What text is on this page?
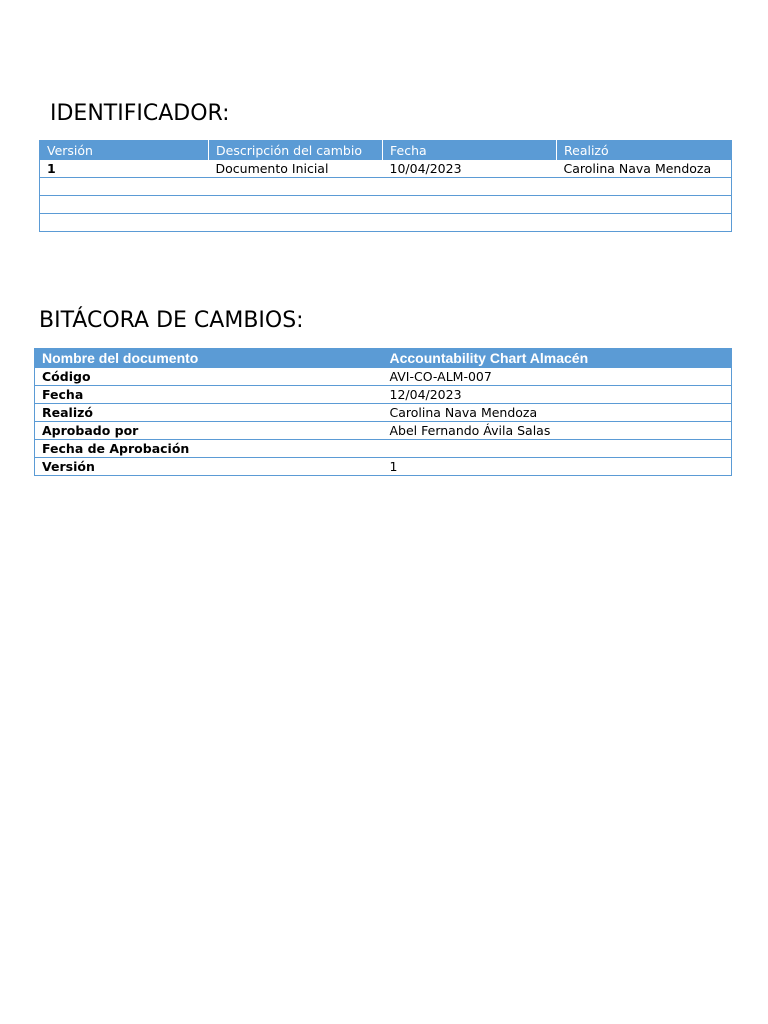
IDENTIFICADOR:
Versión	Descripción del cambio	Fecha	Realizó
1	Documento Inicial	10/04/2023	Carolina Nava Mendoza

BITÁCORA DE CAMBIOS:
Nombre del documento	Accountability Chart Almacén
Código	AVI-CO-ALM-007
Fecha	12/04/2023
Realizó	Carolina Nava Mendoza
Aprobado por	Abel Fernando Ávila Salas
Fecha de Aprobación	
Versión	1
